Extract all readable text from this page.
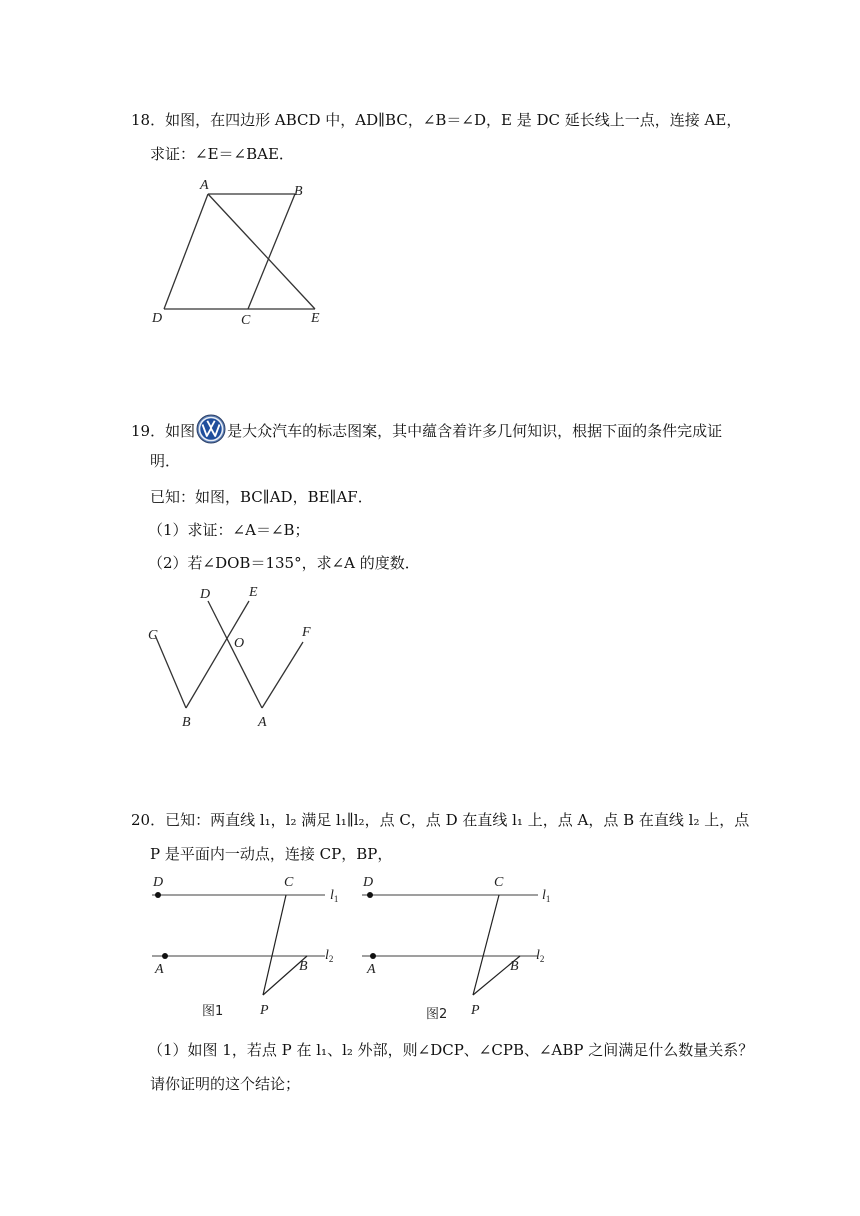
18．如图，在四边形 ABCD 中，AD∥BC，∠B＝∠D，E 是 DC 延长线上一点，连接 AE，
求证：∠E＝∠BAE．
A	B
D	C	E
19．如图 是大众汽车的标志图案，其中蕴含着许多几何知识，根据下面的条件完成证
明．
已知：如图，BC∥AD，BE∥AF．
（1）求证：∠A＝∠B；
（2）若∠DOB＝135°，求∠A 的度数．
D	E
C
O
F
B	A
20．已知：两直线 l₁，l₂ 满足 l₁∥l₂，点 C，点 D 在直线 l₁ 上，点 A，点 B 在直线 l₂ 上，点
P 是平面内一动点，连接 CP，BP，
D	C
$l_1$
A	B
$l_2$
P
图1
D	C
$l_1$
A	B
$l_2$
P
图2
（1）如图 1，若点 P 在 l₁、l₂ 外部，则∠DCP、∠CPB、∠ABP 之间满足什么数量关系？
请你证明的这个结论；
